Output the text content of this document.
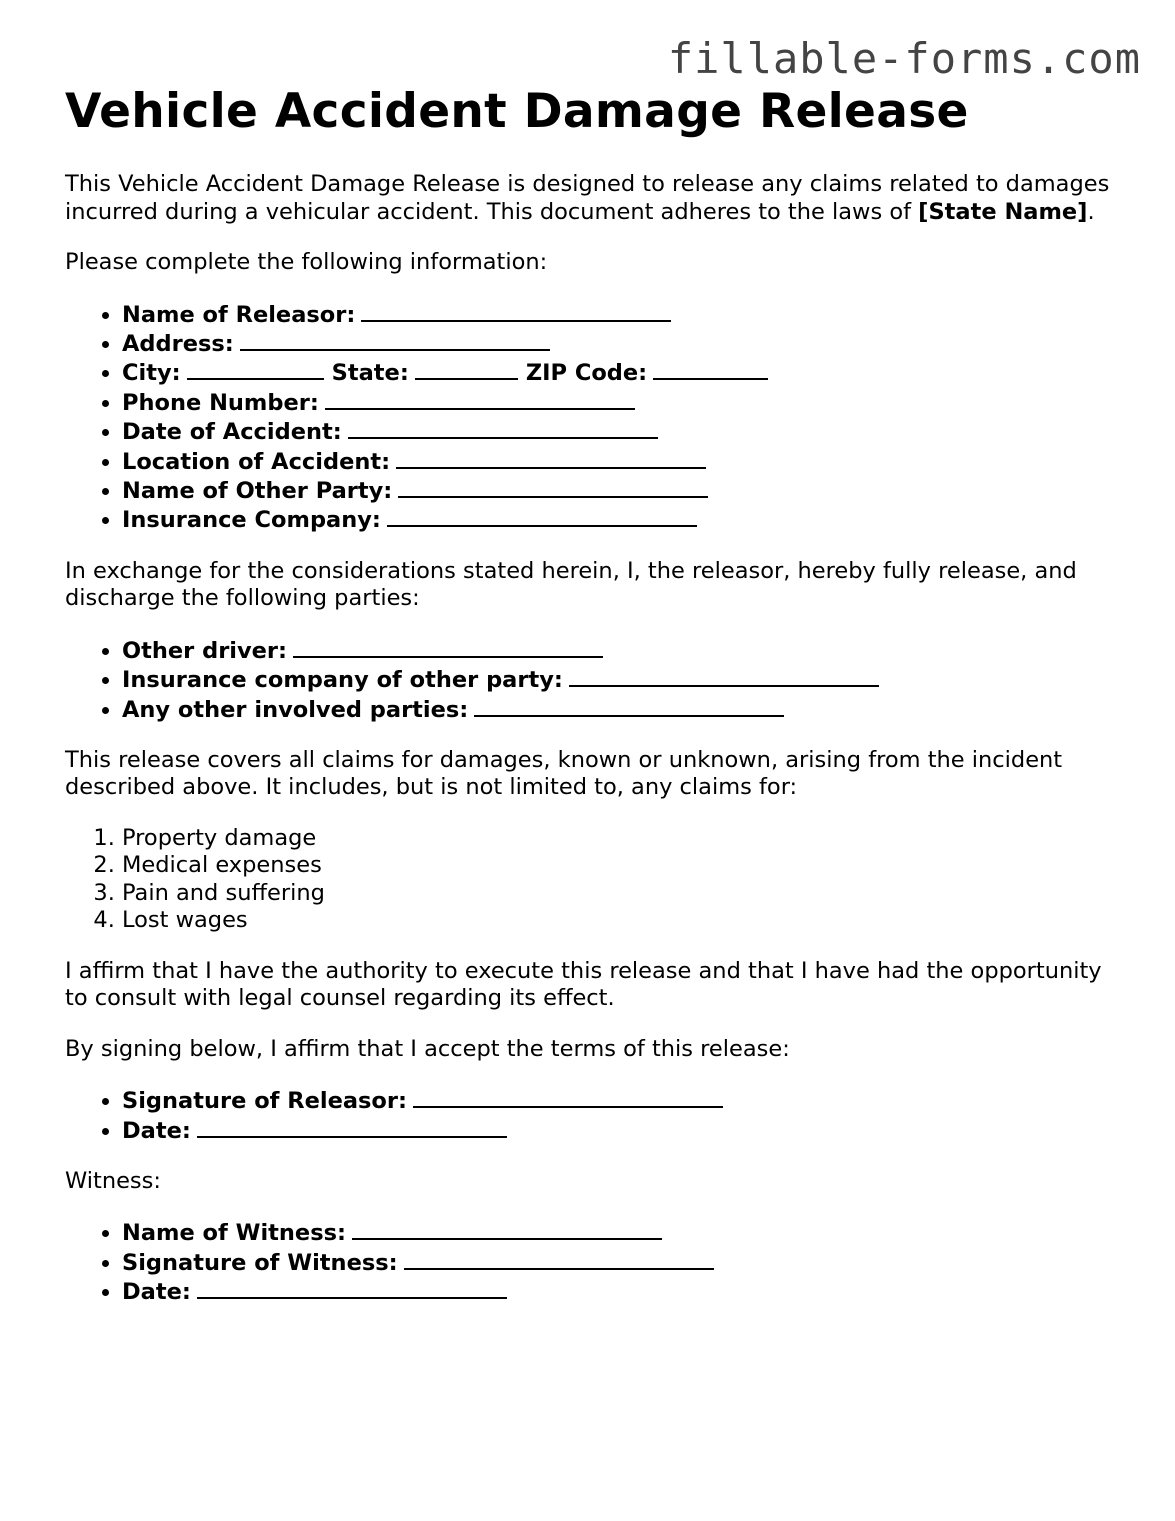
fillable-forms.com
Vehicle Accident Damage Release

This Vehicle Accident Damage Release is designed to release any claims related to damages incurred during a vehicular accident. This document adheres to the laws of [State Name].

Please complete the following information:

• Name of Releasor:
• Address:
• City:	State:	ZIP Code:
• Phone Number:
• Date of Accident:
• Location of Accident:
• Name of Other Party:
• Insurance Company:

In exchange for the considerations stated herein, I, the releasor, hereby fully release, and discharge the following parties:

• Other driver:
• Insurance company of other party:
• Any other involved parties:

This release covers all claims for damages, known or unknown, arising from the incident described above. It includes, but is not limited to, any claims for:

1. Property damage
2. Medical expenses
3. Pain and suffering
4. Lost wages

I affirm that I have the authority to execute this release and that I have had the opportunity to consult with legal counsel regarding its effect.

By signing below, I affirm that I accept the terms of this release:

• Signature of Releasor:
• Date:

Witness:

• Name of Witness:
• Signature of Witness:
• Date:
